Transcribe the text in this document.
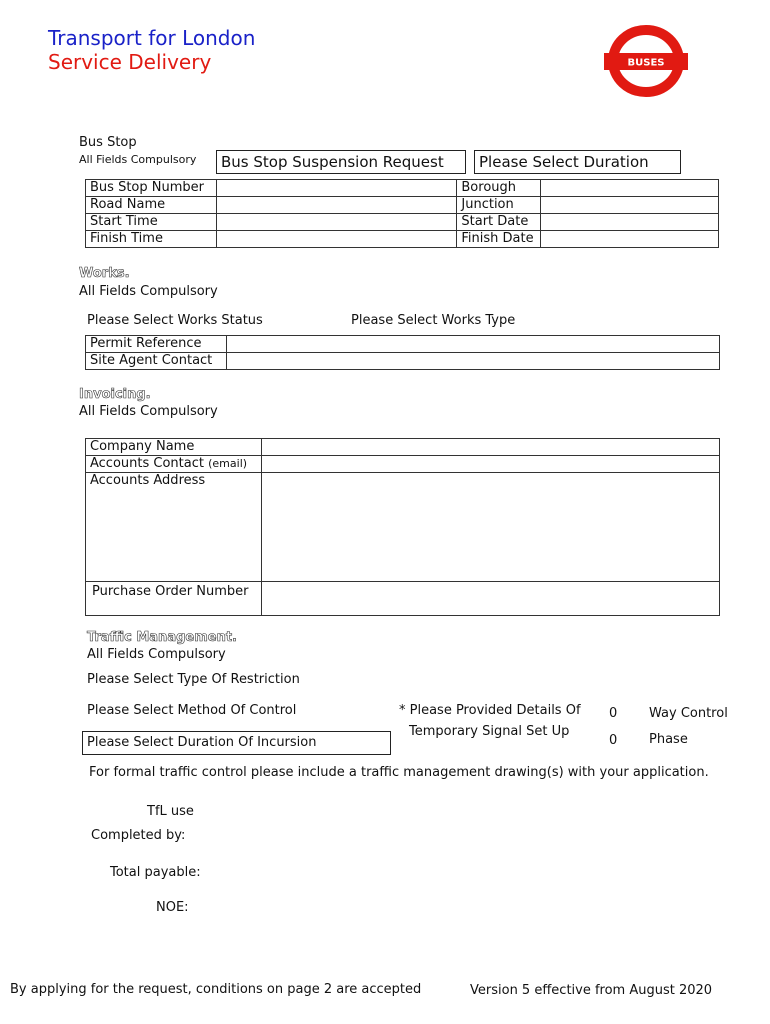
Transport for London
Service Delivery	BUSES
Bus Stop
All Fields Compulsory	Bus Stop Suspension Request	Please Select Duration
Bus Stop Number		Borough	
Road Name		Junction	
Start Time		Start Date	
Finish Time		Finish Date	
Works.
All Fields Compulsory
Please Select Works Status	Please Select Works Type
Permit Reference	
Site Agent Contact	
Invoicing.
All Fields Compulsory
Company Name	
Accounts Contact (email)	
Accounts Address	
Purchase Order Number	
Traffic Management.
All Fields Compulsory
Please Select Type Of Restriction
Please Select Method Of Control
Please Select Duration Of Incursion
* Please Provided Details Of
Temporary Signal Set Up
0 Way Control
0 Phase
For formal traffic control please include a traffic management drawing(s) with your application.
TfL use
Completed by:
Total payable:
NOE:
By applying for the request, conditions on page 2 are accepted	Version 5 effective from August 2020
